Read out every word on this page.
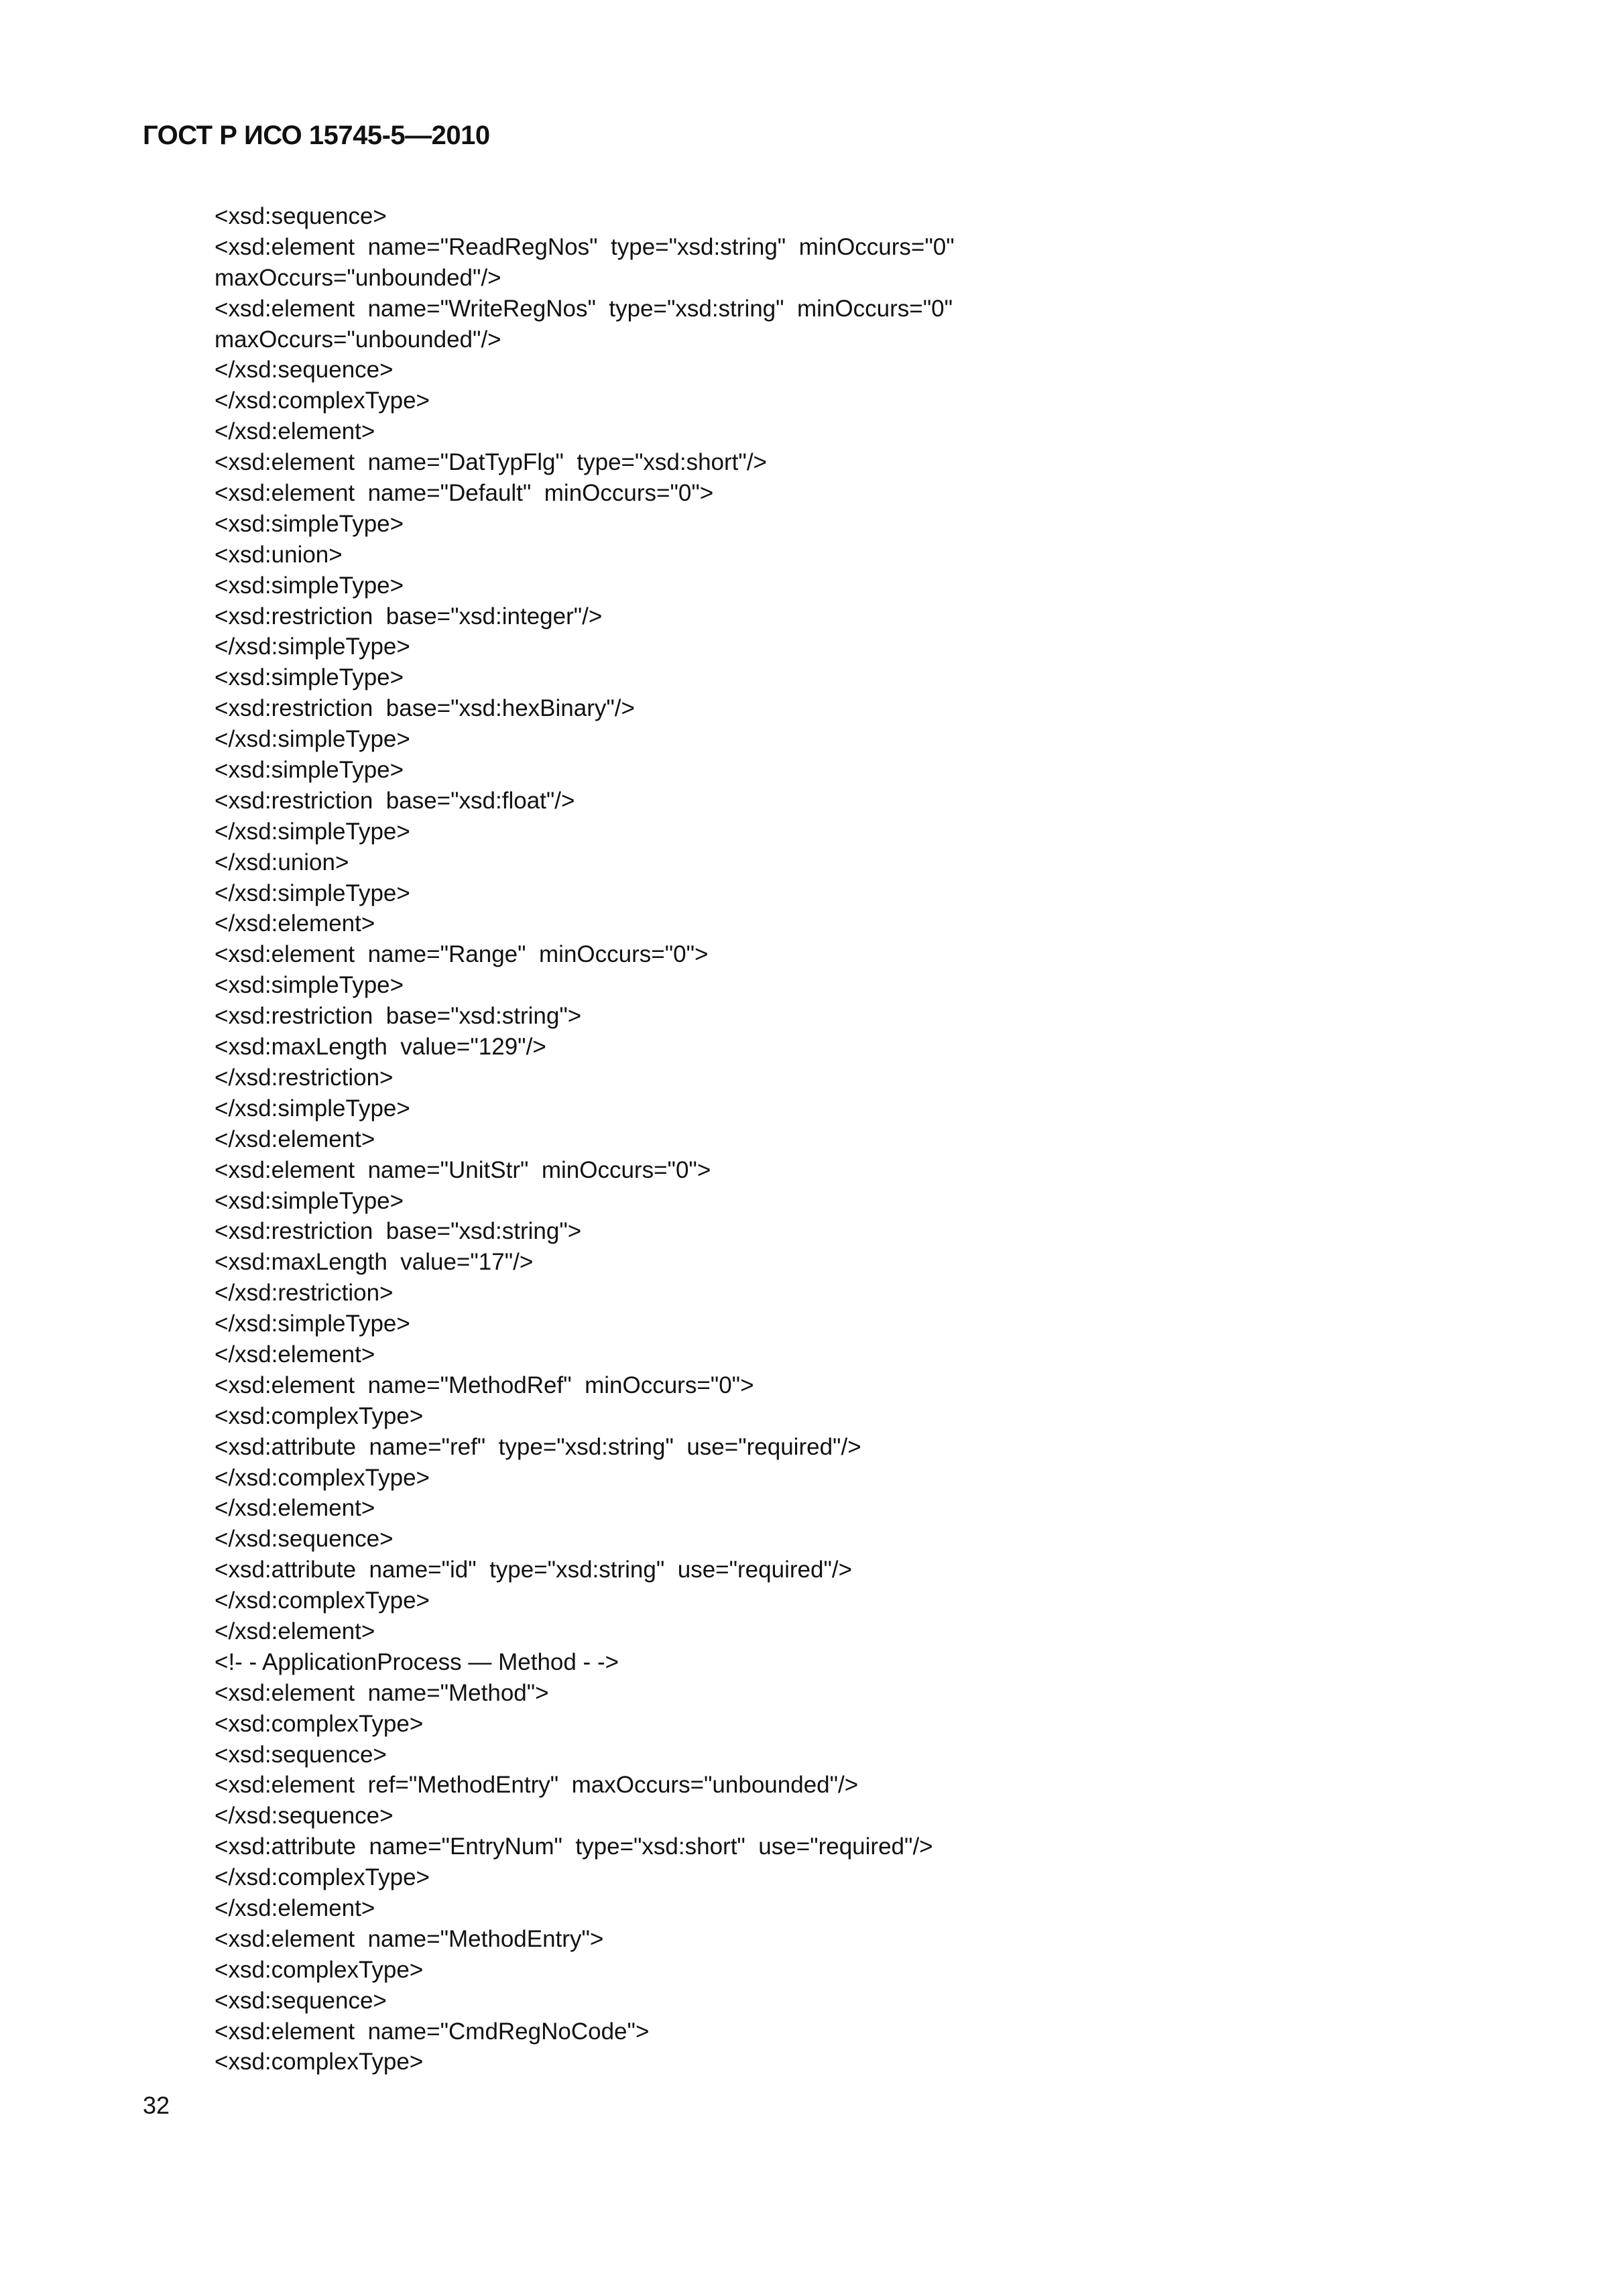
ГОСТ Р ИСО 15745-5—2010
<xsd:sequence>
<xsd:element  name="ReadRegNos"  type="xsd:string"  minOccurs="0"
maxOccurs="unbounded"/>
<xsd:element  name="WriteRegNos"  type="xsd:string"  minOccurs="0"
maxOccurs="unbounded"/>
</xsd:sequence>
</xsd:complexType>
</xsd:element>
<xsd:element  name="DatTypFlg"  type="xsd:short"/>
<xsd:element  name="Default"  minOccurs="0">
<xsd:simpleType>
<xsd:union>
<xsd:simpleType>
<xsd:restriction  base="xsd:integer"/>
</xsd:simpleType>
<xsd:simpleType>
<xsd:restriction  base="xsd:hexBinary"/>
</xsd:simpleType>
<xsd:simpleType>
<xsd:restriction  base="xsd:float"/>
</xsd:simpleType>
</xsd:union>
</xsd:simpleType>
</xsd:element>
<xsd:element  name="Range"  minOccurs="0">
<xsd:simpleType>
<xsd:restriction  base="xsd:string">
<xsd:maxLength  value="129"/>
</xsd:restriction>
</xsd:simpleType>
</xsd:element>
<xsd:element  name="UnitStr"  minOccurs="0">
<xsd:simpleType>
<xsd:restriction  base="xsd:string">
<xsd:maxLength  value="17"/>
</xsd:restriction>
</xsd:simpleType>
</xsd:element>
<xsd:element  name="MethodRef"  minOccurs="0">
<xsd:complexType>
<xsd:attribute  name="ref"  type="xsd:string"  use="required"/>
</xsd:complexType>
</xsd:element>
</xsd:sequence>
<xsd:attribute  name="id"  type="xsd:string"  use="required"/>
</xsd:complexType>
</xsd:element>
<!- - ApplicationProcess — Method - ->
<xsd:element  name="Method">
<xsd:complexType>
<xsd:sequence>
<xsd:element  ref="MethodEntry"  maxOccurs="unbounded"/>
</xsd:sequence>
<xsd:attribute  name="EntryNum"  type="xsd:short"  use="required"/>
</xsd:complexType>
</xsd:element>
<xsd:element  name="MethodEntry">
<xsd:complexType>
<xsd:sequence>
<xsd:element  name="CmdRegNoCode">
<xsd:complexType>
32
